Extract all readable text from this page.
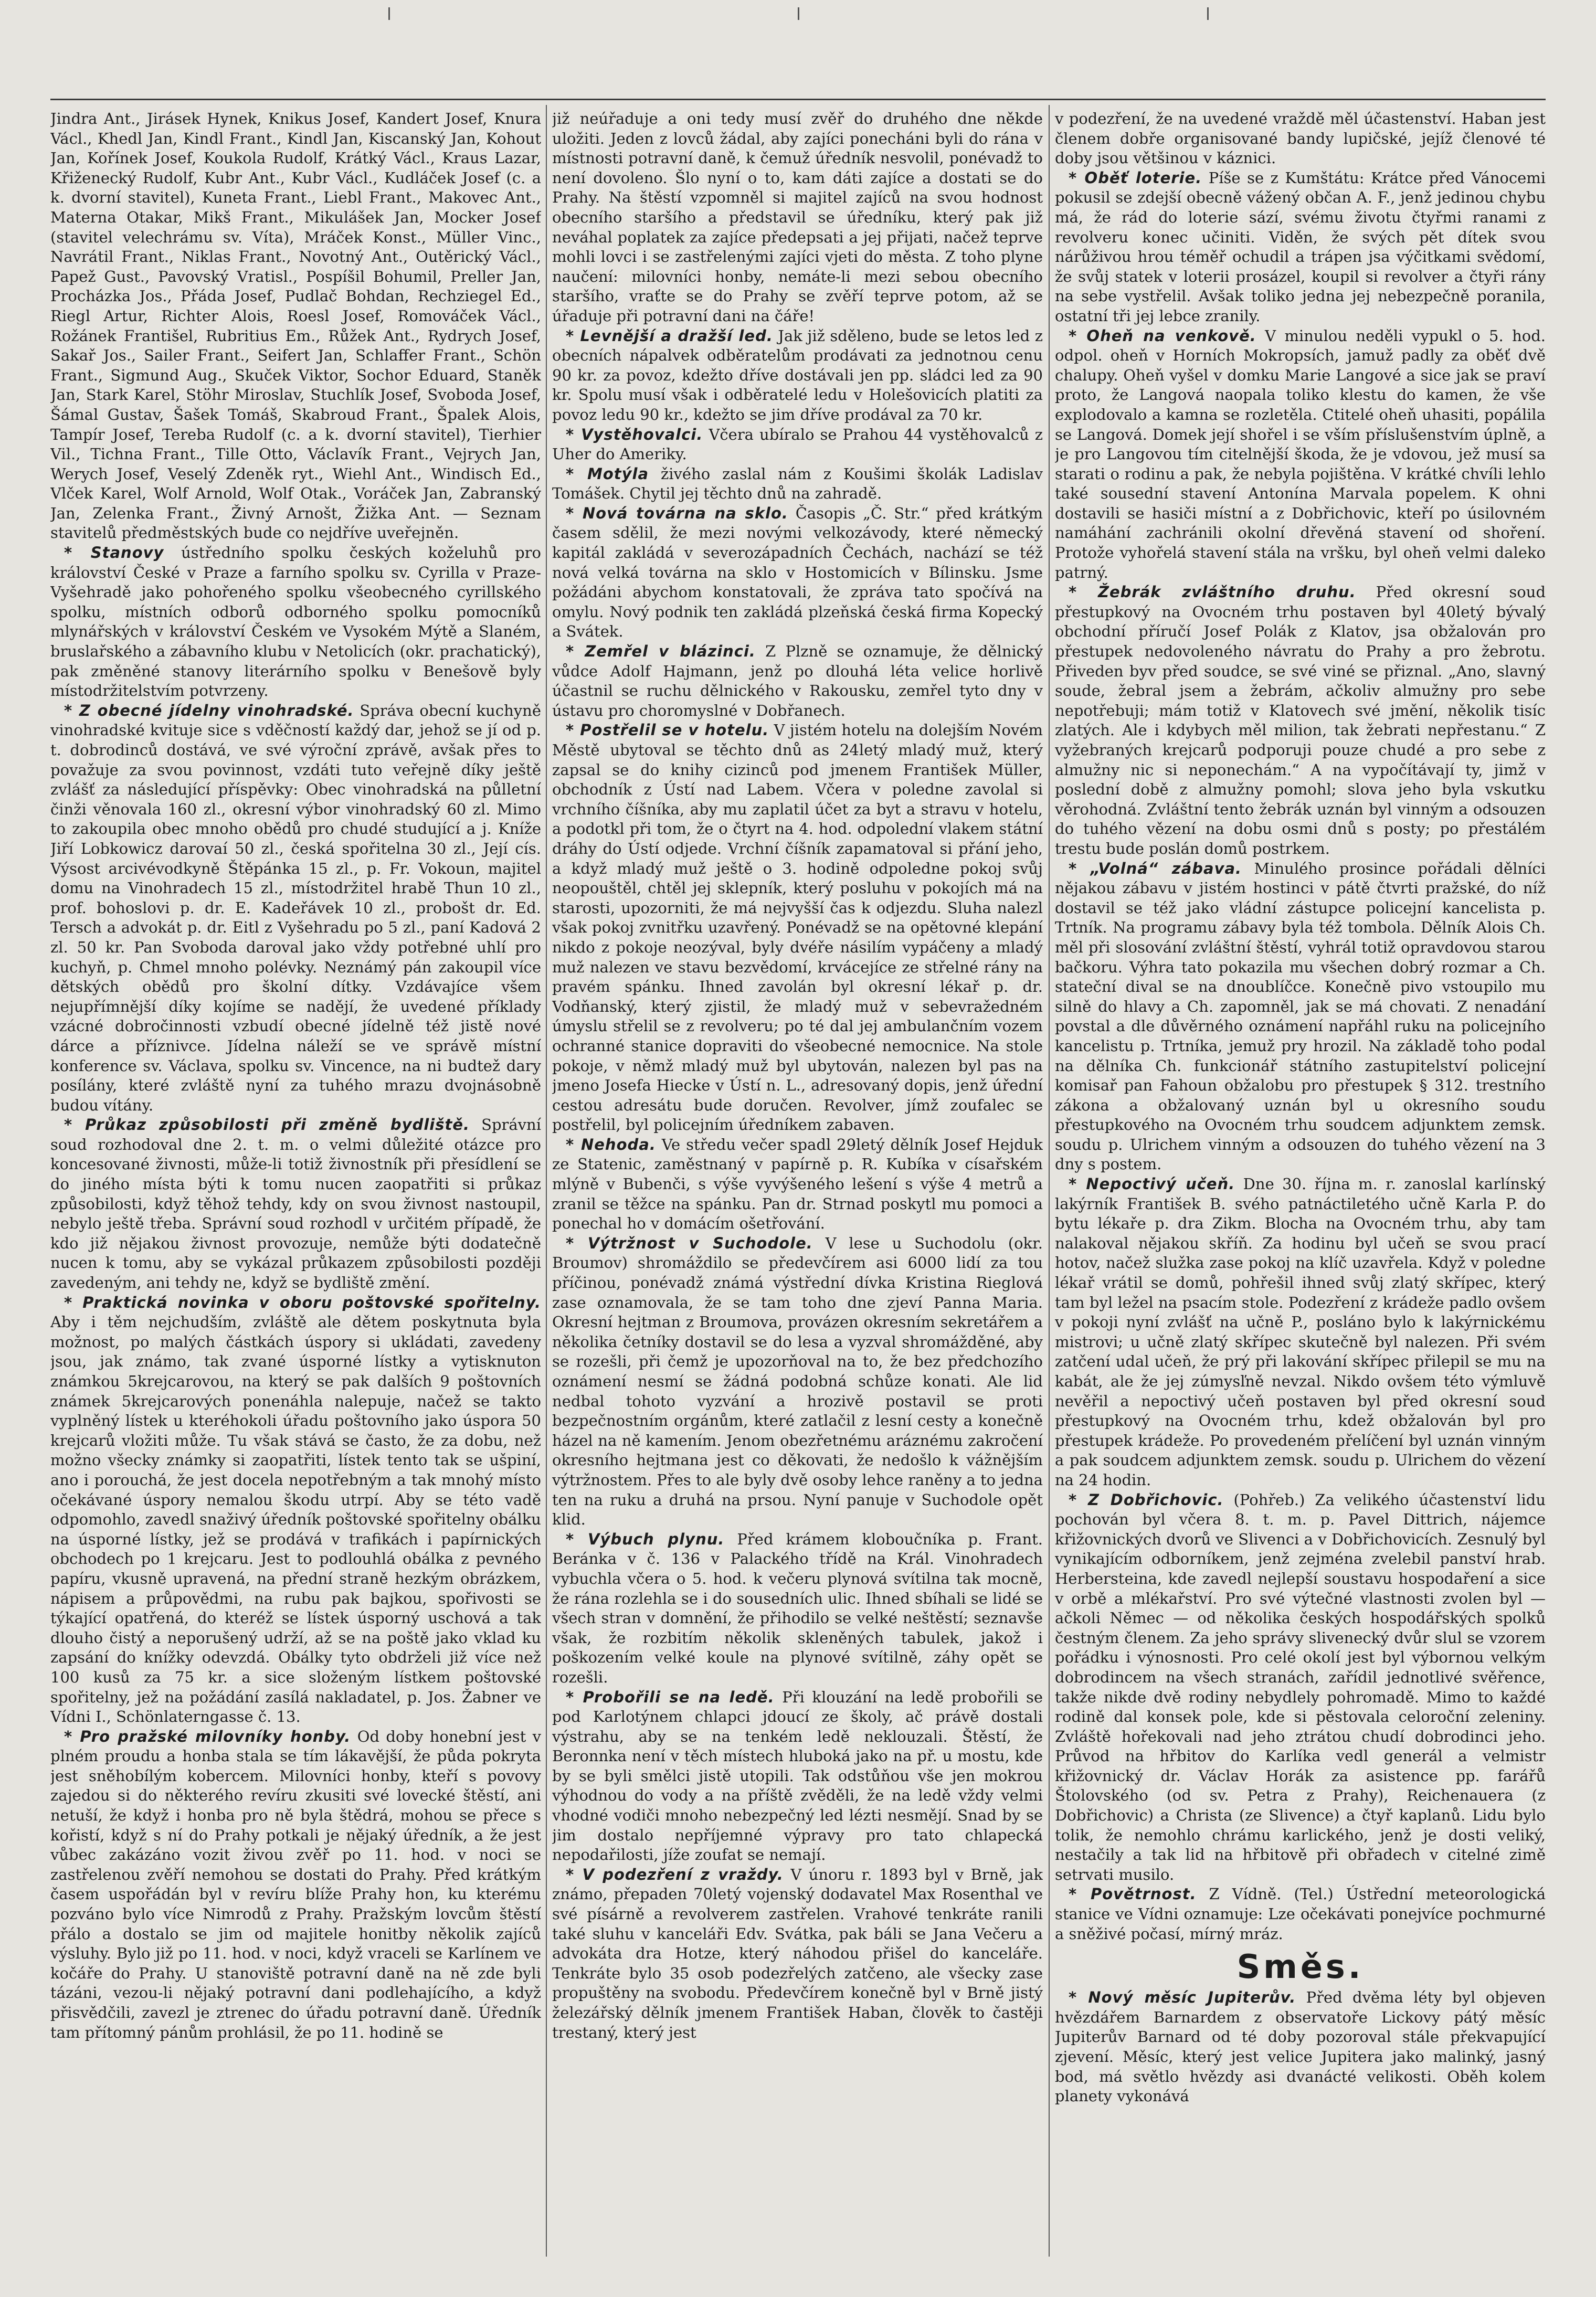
Jindra Ant., Jirásek Hynek, Knikus Josef, Kandert Josef, Knura Václ., Khedl Jan, Kindl Frant., Kindl Jan, Kiscanský Jan, Kohout Jan, Kořínek Josef, Koukola Rudolf, Krátký Václ., Kraus Lazar, Křiženecký Rudolf, Kubr Ant., Kubr Václ., Kudláček Josef (c. a k. dvorní stavitel), Kuneta Frant., Liebl Frant., Makovec Ant., Materna Otakar, Mikš Frant., Mikulášek Jan, Mocker Josef (stavitel velechrámu sv. Víta), Mráček Konst., Müller Vinc., Navrátil Frant., Niklas Frant., Novotný Ant., Outěrický Václ., Papež Gust., Pavovský Vratisl., Pospíšil Bohumil, Preller Jan, Procházka Jos., Přáda Josef, Pudlač Bohdan, Rechziegel Ed., Riegl Artur, Richter Alois, Roesl Josef, Romováček Václ., Rožánek Františel, Rubritius Em., Růžek Ant., Rydrych Josef, Sakař Jos., Sailer Frant., Seifert Jan, Schlaffer Frant., Schön Frant., Sigmund Aug., Skuček Viktor, Sochor Eduard, Staněk Jan, Stark Karel, Stöhr Miroslav, Stuchlík Josef, Svoboda Josef, Šámal Gustav, Šašek Tomáš, Skabroud Frant., Špalek Alois, Tampír Josef, Tereba Rudolf (c. a k. dvorní stavitel), Tierhier Vil., Tichna Frant., Tille Otto, Václavík Frant., Vejrych Jan, Werych Josef, Veselý Zdeněk ryt., Wiehl Ant., Windisch Ed., Vlček Karel, Wolf Arnold, Wolf Otak., Voráček Jan, Zabranský Jan, Zelenka Frant., Živný Arnošt, Žižka Ant. — Seznam stavitelů předměstských bude co nejdříve uveřejněn.

* Stanovy ústředního spolku českých koželuhů pro království České v Praze a farního spolku sv. Cyrilla v Praze-Vyšehradě jako pohořeného spolku všeobecného cyrillského spolku, místních odborů odborného spolku pomocníků mlynářských v království Českém ve Vysokém Mýtě a Slaném, bruslařského a zábavního klubu v Netolicích (okr. prachatický), pak změněné stanovy literárního spolku v Benešově byly místodržitelstvím potvrzeny.

* Z obecné jídelny vinohradské. Správa obecní kuchyně vinohradské kvituje sice s vděčností každý dar, jehož se jí od p. t. dobrodinců dostává, ve své výroční zprávě, avšak přes to považuje za svou povinnost, vzdáti tuto veřejně díky ještě zvlášť za následující příspěvky: Obec vinohradská na půlletní činži věnovala 160 zl., okresní výbor vinohradský 60 zl. Mimo to zakoupila obec mnoho obědů pro chudé studující a j. Kníže Jiří Lobkowicz darovaí 50 zl., česká spořitelna 30 zl., Její cís. Výsost arcivévodkyně Štěpánka 15 zl., p. Fr. Vokoun, majitel domu na Vinohradech 15 zl., místodržitel hrabě Thun 10 zl., prof. bohoslovi p. dr. E. Kadeřávek 10 zl., probošt dr. Ed. Tersch a advokát p. dr. Eitl z Vyšehradu po 5 zl., paní Kadová 2 zl. 50 kr. Pan Svoboda daroval jako vždy potřebné uhlí pro kuchyň, p. Chmel mnoho polévky. Neznámý pán zakoupil více dětských obědů pro školní dítky. Vzdávajíce všem nejupřímnější díky kojíme se nadějí, že uvedené příklady vzácné dobročinnosti vzbudí obecné jídelně též jistě nové dárce a příznivce. Jídelna náleží se ve správě místní konference sv. Václava, spolku sv. Vincence, na ni budtež dary posílány, které zvláště nyní za tuhého mrazu dvojnásobně budou vítány.

* Průkaz způsobilosti při změně bydliště. Správní soud rozhodoval dne 2. t. m. o velmi důležité otázce pro koncesované živnosti, může-li totiž živnostník při přesídlení se do jiného místa býti k tomu nucen zaopatřiti si průkaz způsobilosti, když těhož tehdy, kdy on svou živnost nastoupil, nebylo ještě třeba. Správní soud rozhodl v určitém případě, že kdo již nějakou živnost provozuje, nemůže býti dodatečně nucen k tomu, aby se vykázal průkazem způsobilosti později zavedeným, ani tehdy ne, když se bydliště změní.

* Praktická novinka v oboru poštovské spořitelny. Aby i těm nejchudším, zvláště ale dětem poskytnuta byla možnost, po malých částkách úspory si ukládati, zavedeny jsou, jak známo, tak zvané úsporné lístky a vytisknuton známkou 5krejcarovou, na který se pak dalších 9 poštovních známek 5krejcarových ponenáhla nalepuje, načež se takto vyplněný lístek u kteréhokoli úřadu poštovního jako úspora 50 krejcarů vložiti může. Tu však stává se často, že za dobu, než možno všecky známky si zaopatřiti, lístek tento tak se ušpiní, ano i porouchá, že jest docela nepotřebným a tak mnohý místo očekávané úspory nemalou škodu utrpí. Aby se této vadě odpomohlo, zavedl snaživý úředník poštovské spořitelny obálku na úsporné lístky, jež se prodává v trafikách i papírnických obchodech po 1 krejcaru. Jest to podlouhlá obálka z pevného papíru, vkusně upravená, na přední straně hezkým obrázkem, nápisem a průpovědmi, na rubu pak bajkou, spořivosti se týkající opatřená, do kteréž se lístek úsporný uschová a tak dlouho čistý a neporušený udrží, až se na poště jako vklad ku zapsání do knížky odevzdá. Obálky tyto obdrželi již více než 100 kusů za 75 kr. a sice složeným lístkem poštovské spořitelny, jež na požádání zasílá nakladatel, p. Jos. Žabner ve Vídni I., Schönlaterngasse č. 13.

* Pro pražské milovníky honby. Od doby honební jest v plném proudu a honba stala se tím lákavější, že půda pokryta jest sněhobílým kobercem. Milovníci honby, kteří s povovy zajedou si do některého revíru zkusiti své lovecké štěstí, ani netuší, že když i honba pro ně byla štědrá, mohou se přece s kořistí, když s ní do Prahy potkali je nějaký úředník, a že jest vůbec zakázáno vozit živou zvěř po 11. hod. v noci se zastřelenou zvěří nemohou se dostati do Prahy. Před krátkým časem uspořádán byl v revíru blíže Prahy hon, ku kterému pozváno bylo více Nimrodů z Prahy. Pražským lovcům štěstí přálo a dostalo se jim od majitele honitby několik zajíců výsluhy. Bylo již po 11. hod. v noci, když vraceli se Karlínem ve kočáře do Prahy. U stanoviště potravní daně na ně zde byli tázáni, vezou-li nějaký potravní dani podlehajícího, a když přisvědčili, zavezl je ztrenec do úřadu potravní daně. Úředník tam přítomný pánům prohlásil, že po 11. hodině se

již neúřaduje a oni tedy musí zvěř do druhého dne někde uložiti. Jeden z lovců žádal, aby zajíci ponecháni byli do rána v místnosti potravní daně, k čemuž úředník nesvolil, ponévadž to není dovoleno. Šlo nyní o to, kam dáti zajíce a dostati se do Prahy. Na štěstí vzpomněl si majitel zajíců na svou hodnost obecního staršího a představil se úředníku, který pak již neváhal poplatek za zajíce předepsati a jej přijati, načež teprve mohli lovci i se zastřelenými zajíci vjeti do města. Z toho plyne naučení: milovníci honby, nemáte-li mezi sebou obecního staršího, vraťte se do Prahy se zvěří teprve potom, až se úřaduje při potravní dani na čáře!

* Levnější a dražší led. Jak již sděleno, bude se letos led z obecních nápalvek odběratelům prodávati za jednotnou cenu 90 kr. za povoz, kdežto dříve dostávali jen pp. sládci led za 90 kr. Spolu musí však i odběratelé ledu v Holešovicích platiti za povoz ledu 90 kr., kdežto se jim dříve prodával za 70 kr.

* Vystěhovalci. Včera ubíralo se Prahou 44 vystěhovalců z Uher do Ameriky.

* Motýla živého zaslal nám z Koušimi školák Ladislav Tomášek. Chytil jej těchto dnů na zahradě.

* Nová továrna na sklo. Časopis „Č. Str.“ před krátkým časem sdělil, že mezi novými velkozávody, které německý kapitál zakládá v severozápadních Čechách, nachází se též nová velká továrna na sklo v Hostomicích v Bílinsku. Jsme požádáni abychom konstatovali, že zpráva tato spočívá na omylu. Nový podnik ten zakládá plzeňská česká firma Kopecký a Svátek.

* Zemřel v blázinci. Z Plzně se oznamuje, že dělnický vůdce Adolf Hajmann, jenž po dlouhá léta velice horlivě účastnil se ruchu dělnického v Rakousku, zemřel tyto dny v ústavu pro choromyslné v Dobřanech.

* Postřelil se v hotelu. V jistém hotelu na dolejším Novém Městě ubytoval se těchto dnů as 24letý mladý muž, který zapsal se do knihy cizinců pod jmenem František Müller, obchodník z Ústí nad Labem. Včera v poledne zavolal si vrchního číšníka, aby mu zaplatil účet za byt a stravu v hotelu, a podotkl při tom, že o čtyrt na 4. hod. odpolední vlakem státní dráhy do Ústí odjede. Vrchní číšník zapamatoval si přání jeho, a když mladý muž ještě o 3. hodině odpoledne pokoj svůj neopouštěl, chtěl jej sklepník, který posluhu v pokojích má na starosti, upozorniti, že má nejvyšší čas k odjezdu. Sluha nalezl však pokoj zvnitřku uzavřený. Ponévadž se na opětovné klepání nikdo z pokoje neozýval, byly dvéře násilím vypáčeny a mladý muž nalezen ve stavu bezvědomí, krvácejíce ze střelné rány na pravém spánku. Ihned zavolán byl okresní lékař p. dr. Vodňanský, který zjistil, že mladý muž v sebevražedném úmyslu střelil se z revolveru; po té dal jej ambulančním vozem ochranné stanice dopraviti do všeobecné nemocnice. Na stole pokoje, v němž mladý muž byl ubytován, nalezen byl pas na jmeno Josefa Hiecke v Ústí n. L., adresovaný dopis, jenž úřední cestou adresátu bude doručen. Revolver, jímž zoufalec se postřelil, byl policejním úředníkem zabaven.

* Nehoda. Ve středu večer spadl 29letý dělník Josef Hejduk ze Statenic, zaměstnaný v papírně p. R. Kubíka v císařském mlýně v Bubenči, s výše vyvýšeného lešení s výše 4 metrů a zranil se těžce na spánku. Pan dr. Strnad poskytl mu pomoci a ponechal ho v domácím ošetřování.

* Výtržnost v Suchodole. V lese u Suchodolu (okr. Broumov) shromáždilo se předevčírem asi 6000 lidí za tou příčinou, ponévadž známá výstřední dívka Kristina Rieglová zase oznamovala, že se tam toho dne zjeví Panna Maria. Okresní hejtman z Broumova, provázen okresním sekretářem a několika četníky dostavil se do lesa a vyzval shromážděné, aby se rozešli, při čemž je upozorňoval na to, že bez předchozího oznámení nesmí se žádná podobná schůze konati. Ale lid nedbal tohoto vyzvání a hrozivě postavil se proti bezpečnostním orgánům, které zatlačil z lesní cesty a konečně házel na ně kamením. Jenom obezřetnému aráznému zakročení okresního hejtmana jest co děkovati, že nedošlo k vážnějším výtržnostem. Přes to ale byly dvě osoby lehce raněny a to jedna ten na ruku a druhá na prsou. Nyní panuje v Suchodole opět klid.

* Výbuch plynu. Před krámem kloboučníka p. Frant. Beránka v č. 136 v Palackého třídě na Král. Vinohradech vybuchla včera o 5. hod. k večeru plynová svítilna tak mocně, že rána rozlehla se i do sousedních ulic. Ihned sbíhali se lidé se všech stran v domnění, že přihodilo se velké neštěstí; seznavše však, že rozbitím několik skleněných tabulek, jakož i poškozením velké koule na plynové svítilně, záhy opět se rozešli.

* Probořili se na ledě. Při klouzání na ledě probořili se pod Karlotýnem chlapci jdoucí ze školy, ač právě dostali výstrahu, aby se na tenkém ledě neklouzali. Štěstí, že Beronnka není v těch místech hluboká jako na př. u mostu, kde by se byli smělci jistě utopili. Tak odstůňou vše jen mokrou výhodnou do vody a na příště zvěděli, že na ledě vždy velmi vhodné vodiči mnoho nebezpečný led lézti nesmějí. Snad by se jim dostalo nepříjemné výpravy pro tato chlapecká nepodařilosti, jíže zoufat se nemají.

* V podezření z vraždy. V únoru r. 1893 byl v Brně, jak známo, přepaden 70letý vojenský dodavatel Max Rosenthal ve své písárně a revolverem zastřelen. Vrahové tenkráte ranili také sluhu v kanceláři Edv. Svátka, pak báli se Jana Večeru a advokáta dra Hotze, který náhodou přišel do kanceláře. Tenkráte bylo 35 osob podezřelých zatčeno, ale všecky zase propuštěny na svobodu. Předevčírem konečně byl v Brně jistý železářský dělník jmenem František Haban, člověk to častěji trestaný, který jest

v podezření, že na uvedené vraždě měl účastenství. Haban jest členem dobře organisované bandy lupičské, jejíž členové té doby jsou většinou v káznici.

* Oběť loterie. Píše se z Kumštátu: Krátce před Vánocemi pokusil se zdejší obecně vážený občan A. F., jenž jedinou chybu má, že rád do loterie sází, svému životu čtyřmi ranami z revolveru konec učiniti. Viděn, že svých pět dítek svou nárůživou hrou téměř ochudil a trápen jsa výčitkami svědomí, že svůj statek v loterii prosázel, koupil si revolver a čtyři rány na sebe vystřelil. Avšak toliko jedna jej nebezpečně poranila, ostatní tři jej lebce zranily.

* Oheň na venkově. V minulou neděli vypukl o 5. hod. odpol. oheň v Horních Mokropsích, jamuž padly za oběť dvě chalupy. Oheň vyšel v domku Marie Langové a sice jak se praví proto, že Langová naopala toliko klestu do kamen, že vše explodovalo a kamna se rozletěla. Ctitelé oheň uhasiti, popálila se Langová. Domek její shořel i se vším příslušenstvím úplně, a je pro Langovou tím citelnější škoda, že je vdovou, jež musí sa starati o rodinu a pak, že nebyla pojištěna. V krátké chvíli lehlo také sousední stavení Antonína Marvala popelem. K ohni dostavili se hasiči místní a z Dobřichovic, kteří po úsilovném namáhání zachránili okolní dřevěná stavení od shoření. Protože vyhořelá stavení stála na vršku, byl oheň velmi daleko patrný.

* Žebrák zvláštního druhu. Před okresní soud přestupkový na Ovocném trhu postaven byl 40letý bývalý obchodní příručí Josef Polák z Klatov, jsa obžalován pro přestupek nedovoleného návratu do Prahy a pro žebrotu. Přiveden byv před soudce, se své viné se přiznal. „Ano, slavný soude, žebral jsem a žebrám, ačkoliv almužny pro sebe nepotřebuji; mám totiž v Klatovech své jmění, několik tisíc zlatých. Ale i kdybych měl milion, tak žebrati nepřestanu.“ Z vyžebraných krejcarů podporuji pouze chudé a pro sebe z almužny nic si neponechám.“ A na vypočítávají ty, jimž v poslední době z almužny pomohl; slova jeho byla vskutku věrohodná. Zvláštní tento žebrák uznán byl vinným a odsouzen do tuhého vězení na dobu osmi dnů s posty; po přestálém trestu bude poslán domů postrkem.

* „Volná“ zábava. Minulého prosince pořádali dělníci nějakou zábavu v jistém hostinci v pátě čtvrti pražské, do níž dostavil se též jako vládní zástupce policejní kancelista p. Trtník. Na programu zábavy byla též tombola. Dělník Alois Ch. měl při slosování zvláštní štěstí, vyhrál totiž opravdovou starou bačkoru. Výhra tato pokazila mu všechen dobrý rozmar a Ch. stateční dival se na dnoublíčce. Konečně pivo vstoupilo mu silně do hlavy a Ch. zapomněl, jak se má chovati. Z nenadání povstal a dle důvěrného oznámení napřáhl ruku na policejního kancelistu p. Trtníka, jemuž pry hrozil. Na základě toho podal na dělníka Ch. funkcionář státního zastupitelství policejní komisař pan Fahoun obžalobu pro přestupek § 312. trestního zákona a obžalovaný uznán byl u okresního soudu přestupkového na Ovocném trhu soudcem adjunktem zemsk. soudu p. Ulrichem vinným a odsouzen do tuhého vězení na 3 dny s postem.

* Nepoctivý učeň. Dne 30. října m. r. zanoslal karlínský lakýrník František B. svého patnáctiletého učně Karla P. do bytu lékaře p. dra Zikm. Blocha na Ovocném trhu, aby tam nalakoval nějakou skříň. Za hodinu byl učeň se svou prací hotov, načež služka zase pokoj na klíč uzavřela. Když v poledne lékař vrátil se domů, pohřešil ihned svůj zlatý skřípec, který tam byl ležel na psacím stole. Podezření z krádeže padlo ovšem v pokoji nyní zvlášť na učně P., posláno bylo k lakýrnickému mistrovi; u učně zlatý skřípec skutečně byl nalezen. Při svém zatčení udal učeň, že prý při lakování skřípec přilepil se mu na kabát, ale že jej zúmysľně nevzal. Nikdo ovšem této výmluvě nevěřil a nepoctivý učeň postaven byl před okresní soud přestupkový na Ovocném trhu, kdež obžalován byl pro přestupek krádeže. Po provedeném přelíčení byl uznán vinným a pak soudcem adjunktem zemsk. soudu p. Ulrichem do vězení na 24 hodin.

* Z Dobřichovic. (Pohřeb.) Za velikého účastenství lidu pochován byl včera 8. t. m. p. Pavel Dittrich, nájemce křižovnických dvorů ve Slivenci a v Dobřichovicích. Zesnulý byl vynikajícím odborníkem, jenž zejména zvelebil panství hrab. Herbersteina, kde zavedl nejlepší soustavu hospodaření a sice v orbě a mlékařství. Pro své výtečné vlastnosti zvolen byl — ačkoli Němec — od několika českých hospodářských spolků čestným členem. Za jeho správy slivenecký dvůr slul se vzorem pořádku i výnosnosti. Pro celé okolí jest byl výbornou velkým dobrodincem na všech stranách, zařídil jednotlivé svěřence, takže nikde dvě rodiny nebydlely pohromadě. Mimo to každé rodině dal konsek pole, kde si pěstovala celoroční zeleniny. Zvláště hořekovali nad jeho ztrátou chudí dobrodinci jeho. Průvod na hřbitov do Karlíka vedl generál a velmistr křižovnický dr. Václav Horák za asistence pp. farářů Štolovského (od sv. Petra z Prahy), Reichenauera (z Dobřichovic) a Christa (ze Slivence) a čtyř kaplanů. Lidu bylo tolik, že nemohlo chrámu karlického, jenž je dosti veliký, nestačily a tak lid na hřbitově při obřadech v citelné zimě setrvati musilo.

* Povětrnost. Z Vídně. (Tel.) Ústřední meteorologická stanice ve Vídni oznamuje: Lze očekávati ponejvíce pochmurné a sněživé počasí, mírný mráz.

Směs.

* Nový měsíc Jupiterův. Před dvěma léty byl objeven hvězdářem Barnardem z observatoře Lickovy pátý měsíc Jupiterův Barnard od té doby pozoroval stále překvapující zjevení. Měsíc, který jest velice Jupitera jako malinký, jasný bod, má světlo hvězdy asi dvanácté velikosti. Oběh kolem planety vykonává
